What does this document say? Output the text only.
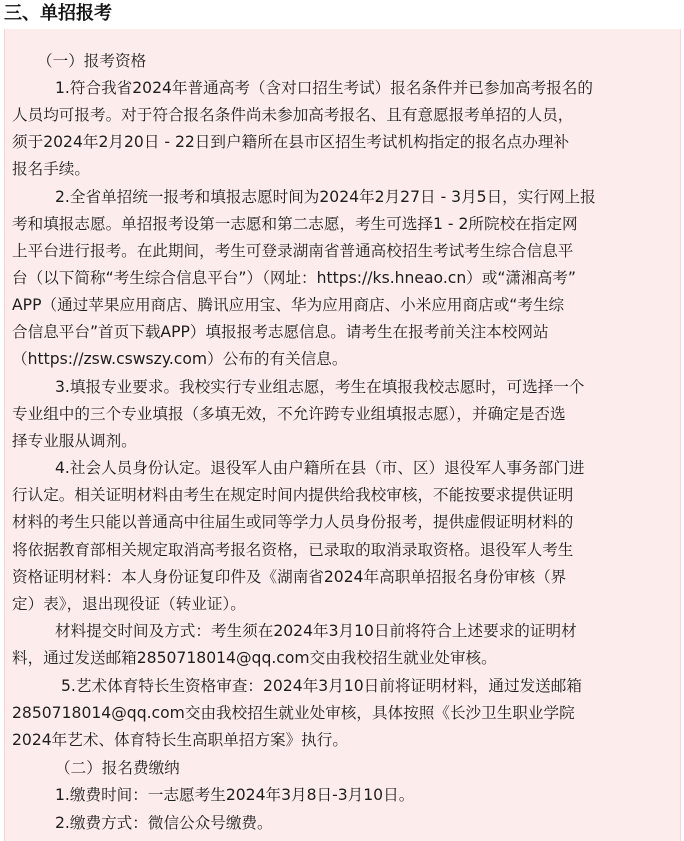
三、单招报考
（一）报考资格
1.符合我省2024年普通高考（含对口招生考试）报名条件并已参加高考报名的
人员均可报考。对于符合报名条件尚未参加高考报名、且有意愿报考单招的人员，
须于2024年2月20日 - 22日到户籍所在县市区招生考试机构指定的报名点办理补
报名手续。
2.全省单招统一报考和填报志愿时间为2024年2月27日 - 3月5日，实行网上报
考和填报志愿。单招报考设第一志愿和第二志愿，考生可选择1 - 2所院校在指定网
上平台进行报考。在此期间，考生可登录湖南省普通高校招生考试考生综合信息平
台（以下简称“考生综合信息平台”）（网址：https://ks.hneao.cn）或“潇湘高考”
APP（通过苹果应用商店、腾讯应用宝、华为应用商店、小米应用商店或“考生综
合信息平台”首页下载APP）填报报考志愿信息。请考生在报考前关注本校网站
（https://zsw.cswszy.com）公布的有关信息。
3.填报专业要求。我校实行专业组志愿，考生在填报我校志愿时，可选择一个
专业组中的三个专业填报（多填无效，不允许跨专业组填报志愿），并确定是否选
择专业服从调剂。
4.社会人员身份认定。退役军人由户籍所在县（市、区）退役军人事务部门进
行认定。相关证明材料由考生在规定时间内提供给我校审核，不能按要求提供证明
材料的考生只能以普通高中往届生或同等学力人员身份报考，提供虚假证明材料的
将依据教育部相关规定取消高考报名资格，已录取的取消录取资格。退役军人考生
资格证明材料：本人身份证复印件及《湖南省2024年高职单招报名身份审核（界
定）表》，退出现役证（转业证）。
材料提交时间及方式：考生须在2024年3月10日前将符合上述要求的证明材
料，通过发送邮箱2850718014@qq.com交由我校招生就业处审核。
5.艺术体育特长生资格审查：2024年3月10日前将证明材料，通过发送邮箱
2850718014@qq.com交由我校招生就业处审核，具体按照《长沙卫生职业学院
2024年艺术、体育特长生高职单招方案》执行。
（二）报名费缴纳
1.缴费时间：一志愿考生2024年3月8日-3月10日。
2.缴费方式：微信公众号缴费。
